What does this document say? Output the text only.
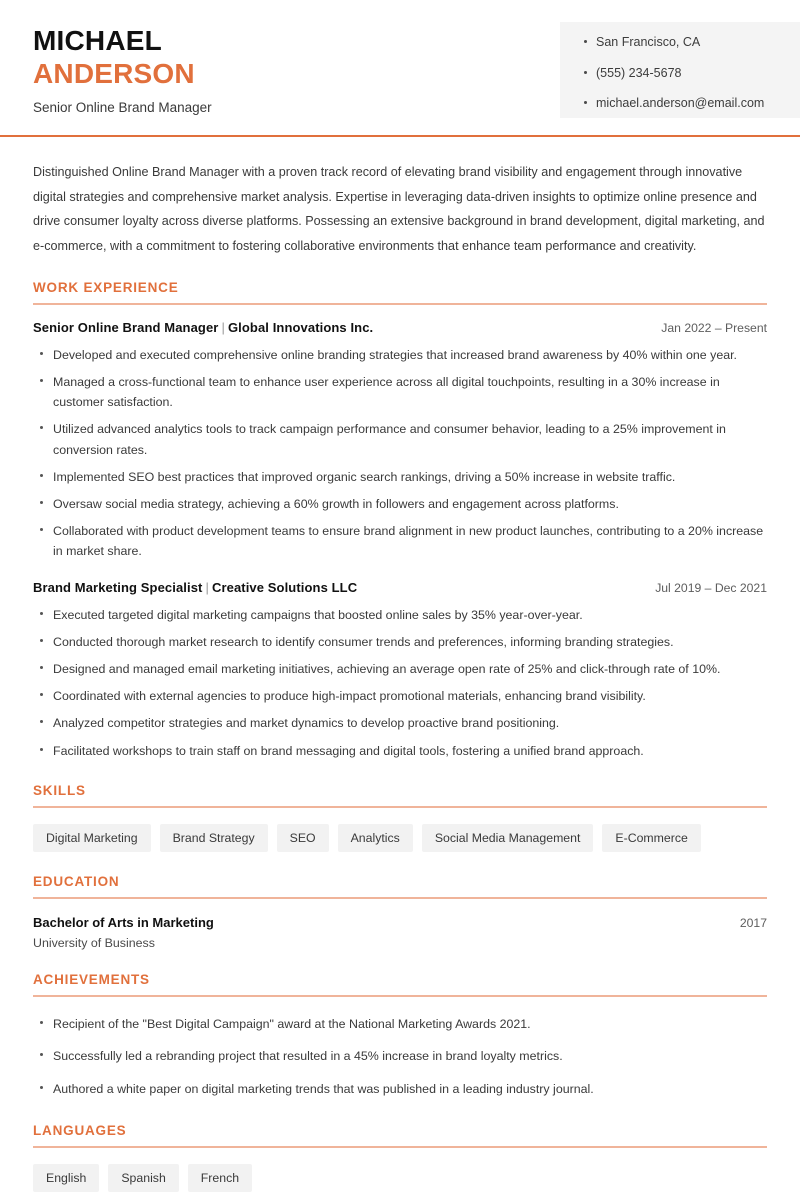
MICHAEL
ANDERSON
Senior Online Brand Manager
San Francisco, CA
(555) 234-5678
michael.anderson@email.com
Distinguished Online Brand Manager with a proven track record of elevating brand visibility and engagement through innovative digital strategies and comprehensive market analysis. Expertise in leveraging data-driven insights to optimize online presence and drive consumer loyalty across diverse platforms. Possessing an extensive background in brand development, digital marketing, and e-commerce, with a commitment to fostering collaborative environments that enhance team performance and creativity.
WORK EXPERIENCE
Senior Online Brand Manager | Global Innovations Inc.	Jan 2022 – Present
Developed and executed comprehensive online branding strategies that increased brand awareness by 40% within one year.
Managed a cross-functional team to enhance user experience across all digital touchpoints, resulting in a 30% increase in customer satisfaction.
Utilized advanced analytics tools to track campaign performance and consumer behavior, leading to a 25% improvement in conversion rates.
Implemented SEO best practices that improved organic search rankings, driving a 50% increase in website traffic.
Oversaw social media strategy, achieving a 60% growth in followers and engagement across platforms.
Collaborated with product development teams to ensure brand alignment in new product launches, contributing to a 20% increase in market share.
Brand Marketing Specialist | Creative Solutions LLC	Jul 2019 – Dec 2021
Executed targeted digital marketing campaigns that boosted online sales by 35% year-over-year.
Conducted thorough market research to identify consumer trends and preferences, informing branding strategies.
Designed and managed email marketing initiatives, achieving an average open rate of 25% and click-through rate of 10%.
Coordinated with external agencies to produce high-impact promotional materials, enhancing brand visibility.
Analyzed competitor strategies and market dynamics to develop proactive brand positioning.
Facilitated workshops to train staff on brand messaging and digital tools, fostering a unified brand approach.
SKILLS
Digital Marketing	Brand Strategy	SEO	Analytics	Social Media Management	E-Commerce
EDUCATION
Bachelor of Arts in Marketing	2017
University of Business
ACHIEVEMENTS
Recipient of the "Best Digital Campaign" award at the National Marketing Awards 2021.
Successfully led a rebranding project that resulted in a 45% increase in brand loyalty metrics.
Authored a white paper on digital marketing trends that was published in a leading industry journal.
LANGUAGES
English	Spanish	French
